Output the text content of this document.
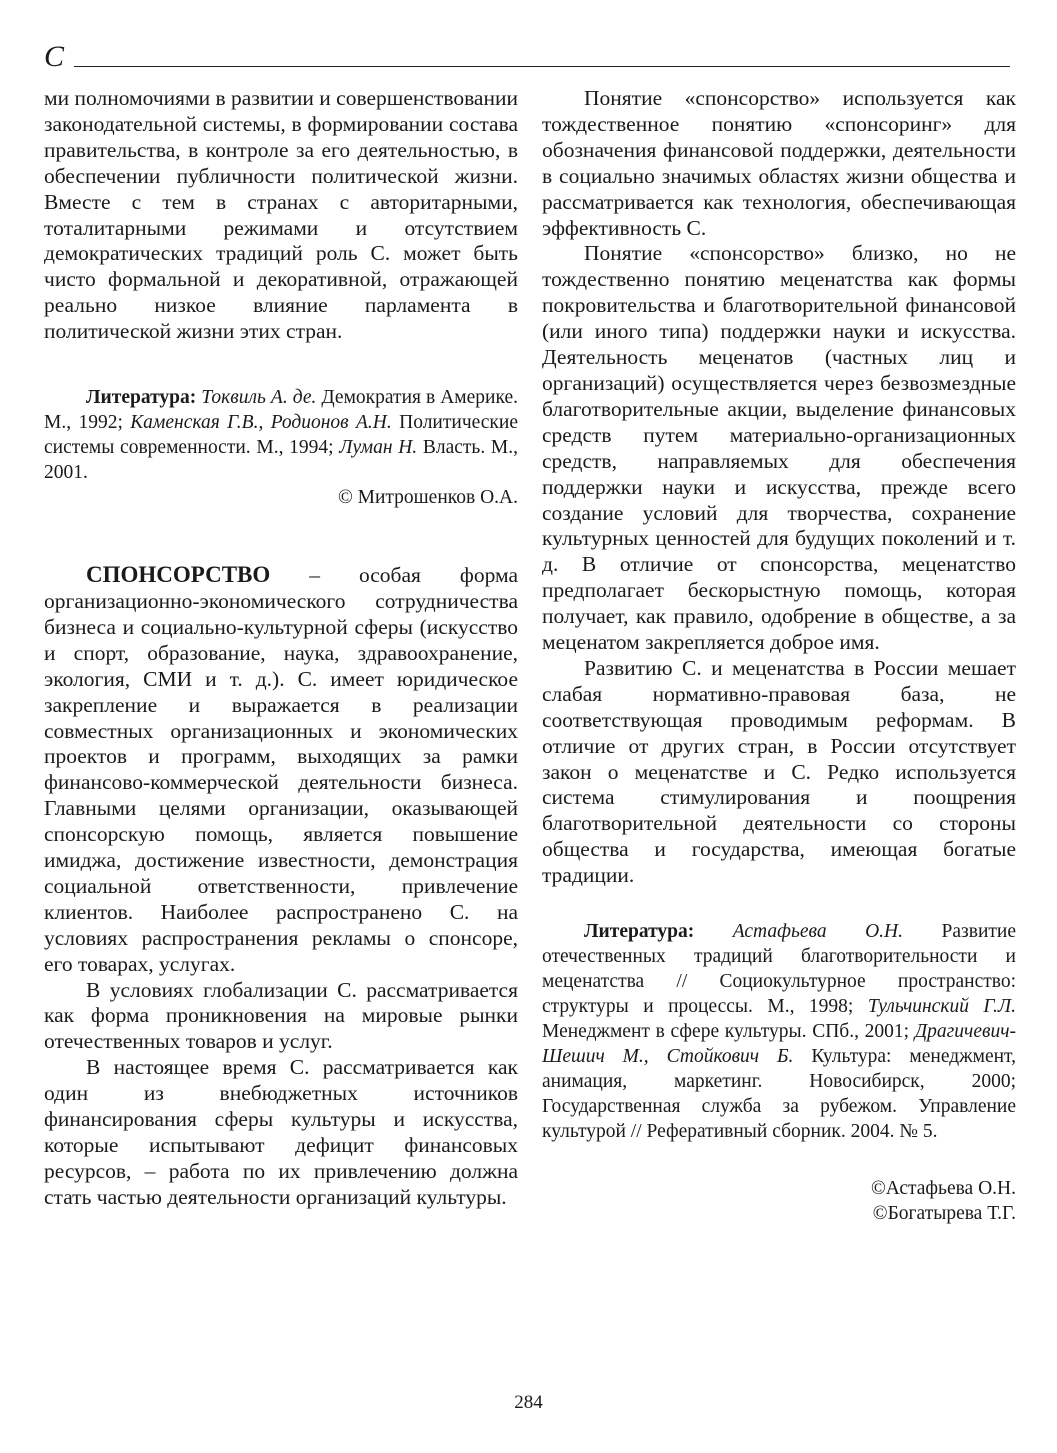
С

ми полномочиями в развитии и совершенствовании законодательной системы, в формировании состава правительства, в контроле за его деятельностью, в обеспечении публичности политической жизни. Вместе с тем в странах с авторитарными, тоталитарными режимами и отсутствием демократических традиций роль С. может быть чисто формальной и декоративной, отражающей реально низкое влияние парламента в политической жизни этих стран.

Литература: Токвиль А. де. Демократия в Америке. М., 1992; Каменская Г.В., Родионов А.Н. Политические системы современности. М., 1994; Луман Н. Власть. М., 2001.

© Митрошенков О.А.

СПОНСОРСТВО – особая форма организационно-экономического сотрудничества бизнеса и социально-культурной сферы (искусство и спорт, образование, наука, здравоохранение, экология, СМИ и т. д.). С. имеет юридическое закрепление и выражается в реализации совместных организационных и экономических проектов и программ, выходящих за рамки финансово-коммерческой деятельности бизнеса. Главными целями организации, оказывающей спонсорскую помощь, является повышение имиджа, достижение известности, демонстрация социальной ответственности, привлечение клиентов. Наиболее распространено С. на условиях распространения рекламы о спонсоре, его товарах, услугах.

В условиях глобализации С. рассматривается как форма проникновения на мировые рынки отечественных товаров и услуг.

В настоящее время С. рассматривается как один из внебюджетных источников финансирования сферы культуры и искусства, которые испытывают дефицит финансовых ресурсов, – работа по их привлечению должна стать частью деятельности организаций культуры.

Понятие «спонсорство» используется как тождественное понятию «спонсоринг» для обозначения финансовой поддержки, деятельности в социально значимых областях жизни общества и рассматривается как технология, обеспечивающая эффективность С.

Понятие «спонсорство» близко, но не тождественно понятию меценатства как формы покровительства и благотворительной финансовой (или иного типа) поддержки науки и искусства. Деятельность меценатов (частных лиц и организаций) осуществляется через безвозмездные благотворительные акции, выделение финансовых средств путем материально-организационных средств, направляемых для обеспечения поддержки науки и искусства, прежде всего создание условий для творчества, сохранение культурных ценностей для будущих поколений и т. д. В отличие от спонсорства, меценатство предполагает бескорыстную помощь, которая получает, как правило, одобрение в обществе, а за меценатом закрепляется доброе имя.

Развитию С. и меценатства в России мешает слабая нормативно-правовая база, не соответствующая проводимым реформам. В отличие от других стран, в России отсутствует закон о меценатстве и С. Редко используется система стимулирования и поощрения благотворительной деятельности со стороны общества и государства, имеющая богатые традиции.

Литература: Астафьева О.Н. Развитие отечественных традиций благотворительности и меценатства // Социокультурное пространство: структуры и процессы. М., 1998; Тульчинский Г.Л. Менеджмент в сфере культуры. СПб., 2001; Драгичевич-Шешич М., Стойкович Б. Культура: менеджмент, анимация, маркетинг. Новосибирск, 2000; Государственная служба за рубежом. Управление культурой // Реферативный сборник. 2004. № 5.

©Астафьева О.Н.

©Богатырева Т.Г.

284
